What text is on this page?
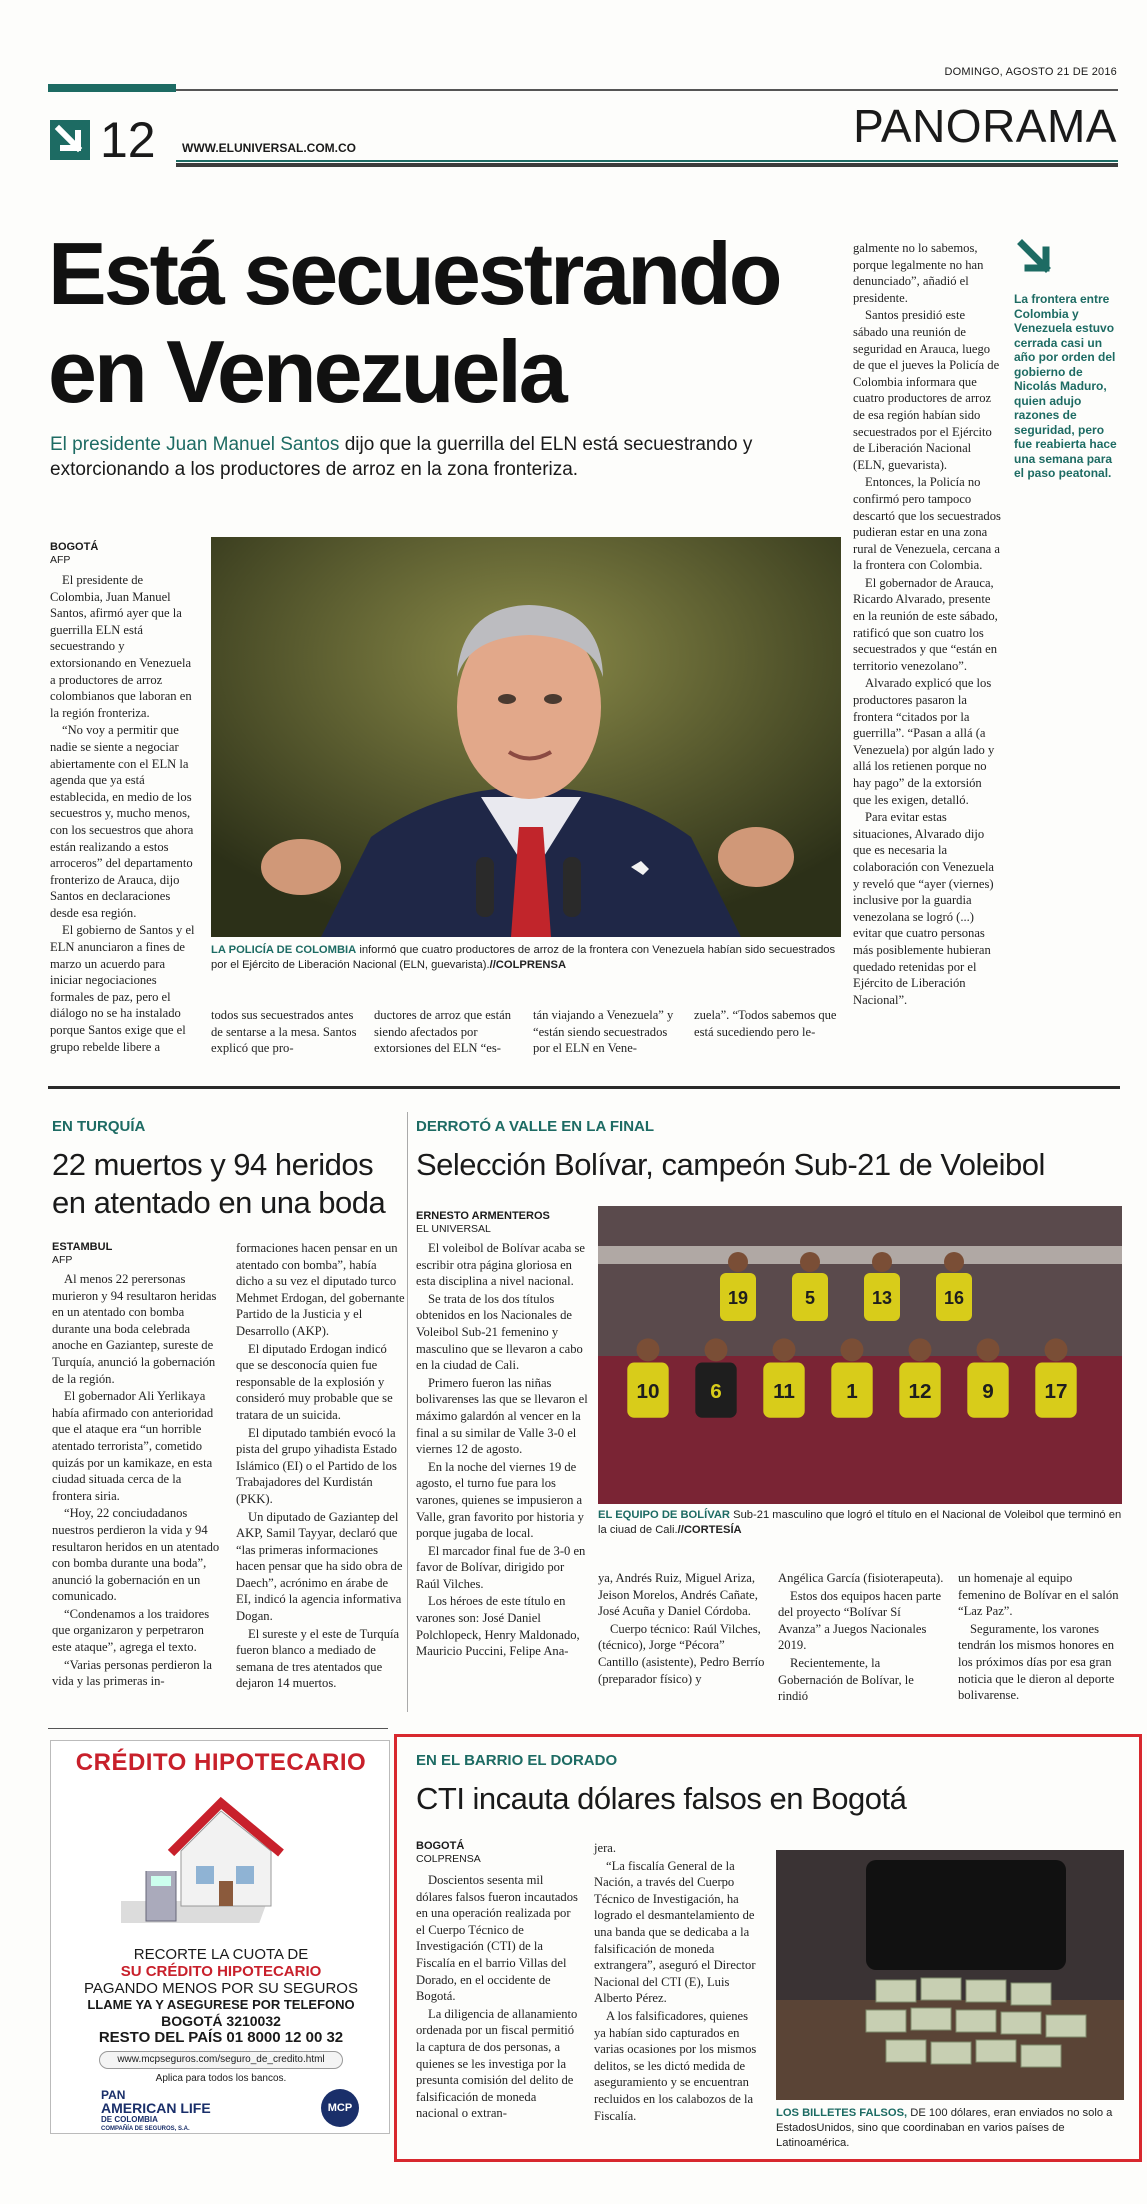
DOMINGO, AGOSTO 21 DE 2016
12 WWW.ELUNIVERSAL.COM.CO	PANORAMA
Está secuestrando
en Venezuela
El presidente Juan Manuel Santos dijo que la guerrilla del ELN está secuestrando y extorcionando a los productores de arroz en la zona fronteriza.
BOGOTÁ
AFP

El presidente de Colombia, Juan Manuel Santos, afirmó ayer que la guerrilla ELN está secuestrando y extorsionando en Venezuela a productores de arroz colombianos que laboran en la región fronteriza.

“No voy a permitir que nadie se siente a negociar abiertamente con el ELN la agenda que ya está establecida, en medio de los secuestros y, mucho menos, con los secuestros que ahora están realizando a estos arroceros” del departamento fronterizo de Arauca, dijo Santos en declaraciones desde esa región.

El gobierno de Santos y el ELN anunciaron a fines de marzo un acuerdo para iniciar negociaciones formales de paz, pero el diálogo no se ha instalado porque Santos exige que el grupo rebelde libere a

LA POLICÍA DE COLOMBIA informó que cuatro productores de arroz de la frontera con Venezuela habían sido secuestrados por el Ejército de Liberación Nacional (ELN, guevarista).//COLPRENSA
todos sus secuestrados antes de sentarse a la mesa. Santos explicó que pro-
ductores de arroz que están siendo afectados por extorsiones del ELN “es-
tán viajando a Venezuela” y “están siendo secuestrados por el ELN en Vene-
zuela”. “Todos sabemos que está sucediendo pero le-

galmente no lo sabemos, porque legalmente no han denunciado”, añadió el presidente.

Santos presidió este sábado una reunión de seguridad en Arauca, luego de que el jueves la Policía de Colombia informara que cuatro productores de arroz de esa región habían sido secuestrados por el Ejército de Liberación Nacional (ELN, guevarista).

Entonces, la Policía no confirmó pero tampoco descartó que los secuestrados pudieran estar en una zona rural de Venezuela, cercana a la frontera con Colombia.

El gobernador de Arauca, Ricardo Alvarado, presente en la reunión de este sábado, ratificó que son cuatro los secuestrados y que “están en territorio venezolano”.

Alvarado explicó que los productores pasaron la frontera “citados por la guerrilla”. “Pasan a allá (a Venezuela) por algún lado y allá los retienen porque no hay pago” de la extorsión que les exigen, detalló.

Para evitar estas situaciones, Alvarado dijo que es necesaria la colaboración con Venezuela y reveló que “ayer (viernes) inclusive por la guardia venezolana se logró (...) evitar que cuatro personas más posiblemente hubieran quedado retenidas por el Ejército de Liberación Nacional”.

La frontera entre Colombia y Venezuela estuvo cerrada casi un año por orden del gobierno de Nicolás Maduro, quien adujo razones de seguridad, pero fue reabierta hace una semana para el paso peatonal.
EN TURQUÍA
22 muertos y 94 heridos en atentado en una boda
ESTAMBUL
AFP

Al menos 22 perersonas murieron y 94 resultaron heridas en un atentado con bomba durante una boda celebrada anoche en Gaziantep, sureste de Turquía, anunció la gobernación de la región.

El gobernador Ali Yerlikaya había afirmado con anterioridad que el ataque era “un horrible atentado terrorista”, cometido quizás por un kamikaze, en esta ciudad situada cerca de la frontera siria.

“Hoy, 22 conciudadanos nuestros perdieron la vida y 94 resultaron heridos en un atentado con bomba durante una boda”, anunció la gobernación en un comunicado.

“Condenamos a los traidores que organizaron y perpetraron este ataque”, agrega el texto.

“Varias personas perdieron la vida y las primeras in-

formaciones hacen pensar en un atentado con bomba”, había dicho a su vez el diputado turco Mehmet Erdogan, del gobernante Partido de la Justicia y el Desarrollo (AKP).

El diputado Erdogan indicó que se desconocía quien fue responsable de la explosión y consideró muy probable que se tratara de un suicida.

El diputado también evocó la pista del grupo yihadista Estado Islámico (EI) o el Partido de los Trabajadores del Kurdistán (PKK).

Un diputado de Gaziantep del AKP, Samil Tayyar, declaró que “las primeras informaciones hacen pensar que ha sido obra de Daech”, acrónimo en árabe de EI, indicó la agencia informativa Dogan.

El sureste y el este de Turquía fueron blanco a mediado de semana de tres atentados que dejaron 14 muertos.

DERROTÓ A VALLE EN LA FINAL
Selección Bolívar, campeón Sub-21 de Voleibol
ERNESTO ARMENTEROS
EL UNIVERSAL

El voleibol de Bolívar acaba se escribir otra página gloriosa en esta disciplina a nivel nacional.

Se trata de los dos títulos obtenidos en los Nacionales de Voleibol Sub-21 femenino y masculino que se llevaron a cabo en la ciudad de Cali.

Primero fueron las niñas bolivarenses las que se llevaron el máximo galardón al vencer en la final a su similar de Valle 3-0 el viernes 12 de agosto.

En la noche del viernes 19 de agosto, el turno fue para los varones, quienes se impusieron a Valle, gran favorito por historia y porque jugaba de local.

El marcador final fue de 3-0 en favor de Bolívar, dirigido por Raúl Vilches.

Los héroes de este título en varones son: José Daniel Polchlopeck, Henry Maldonado, Mauricio Puccini, Felipe Ana-

19	5	13	16
10 6 11 1 12 9 17
EL EQUIPO DE BOLÍVAR Sub-21 masculino que logró el título en el Nacional de Voleibol que terminó en la ciuad de Cali.//CORTESÍA

ya, Andrés Ruiz, Miguel Ariza, Jeison Morelos, Andrés Cañate, José Acuña y Daniel Córdoba.

Cuerpo técnico: Raúl Vilches, (técnico), Jorge “Pécora” Cantillo (asistente), Pedro Berrío (preparador físico) y

Angélica García (fisioterapeuta).

Estos dos equipos hacen parte del proyecto “Bolívar Sí Avanza” a Juegos Nacionales 2019.

Recientemente, la Gobernación de Bolívar, le rindió

un homenaje al equipo femenino de Bolívar en el salón “Laz Paz”.

Seguramente, los varones tendrán los mismos honores en los próximos días por esa gran noticia que le dieron al deporte bolivarense.

CRÉDITO HIPOTECARIO
RECORTE LA CUOTA DE
SU CRÉDITO HIPOTECARIO
PAGANDO MENOS POR SU SEGUROS
LLAME YA Y ASEGURESE POR TELEFONO
BOGOTÁ 3210032
RESTO DEL PAÍS 01 8000 12 00 32
www.mcpseguros.com/seguro_de_credito.html
Aplica para todos los bancos.
PAN
AMERICAN LIFE
DE COLOMBIA
COMPAÑÍA DE SEGUROS, S.A.
MCP
EN EL BARRIO EL DORADO
CTI incauta dólares falsos en Bogotá
BOGOTÁ
COLPRENSA

Doscientos sesenta mil dólares falsos fueron incautados en una operación realizada por el Cuerpo Técnico de Investigación (CTI) de la Fiscalía en el barrio Villas del Dorado, en el occidente de Bogotá.

La diligencia de allanamiento ordenada por un fiscal permitió la captura de dos personas, a quienes se les investiga por la presunta comisión del delito de falsificación de moneda nacional o extran-

jera.

“La fiscalía General de la Nación, a través del Cuerpo Técnico de Investigación, ha logrado el desmantelamiento de una banda que se dedicaba a la falsificación de moneda extrangera”, aseguró el Director Nacional del CTI (E), Luis Alberto Pérez.

A los falsificadores, quienes ya habían sido capturados en varias ocasiones por los mismos delitos, se les dictó medida de aseguramiento y se encuentran recluidos en los calabozos de la Fiscalía.	LOS BILLETES FALSOS, DE 100 dólares, eran enviados no solo a EstadosUnidos, sino que coordinaban en varios países de Latinoamérica.
